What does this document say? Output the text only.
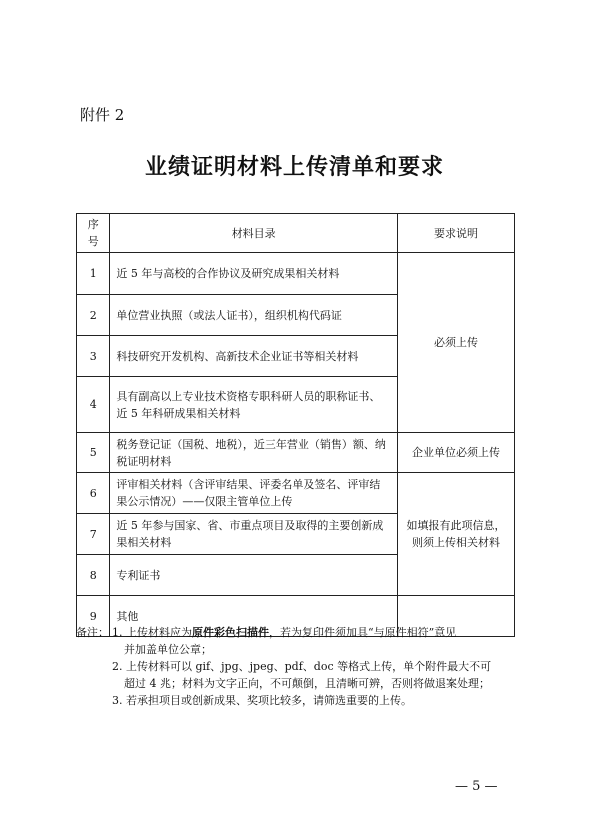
附件 2
业绩证明材料上传清单和要求
序号	材料目录	要求说明
1	近 5 年与高校的合作协议及研究成果相关材料	必须上传
2	单位营业执照（或法人证书），组织机构代码证	
3	科技研究开发机构、高新技术企业证书等相关材料	
4	具有副高以上专业技术资格专职科研人员的职称证书、近 5 年科研成果相关材料	
5	税务登记证（国税、地税），近三年营业（销售）额、纳税证明材料	企业单位必须上传
6	评审相关材料（含评审结果、评委名单及签名、评审结果公示情况）——仅限主管单位上传	如填报有此项信息，则须上传相关材料
7	近 5 年参与国家、省、市重点项目及取得的主要创新成果相关材料	
8	专利证书	
9	其他	
备注： 1. 上传材料应为原件彩色扫描件，若为复印件须加具“与原件相符”意见
并加盖单位公章；
2. 上传材料可以 gif、jpg、jpeg、pdf、doc 等格式上传，单个附件最大不可
超过 4 兆；材料为文字正向，不可颠倒，且清晰可辨，否则将做退案处理；
3. 若承担项目或创新成果、奖项比较多，请筛选重要的上传。
— 5 —
